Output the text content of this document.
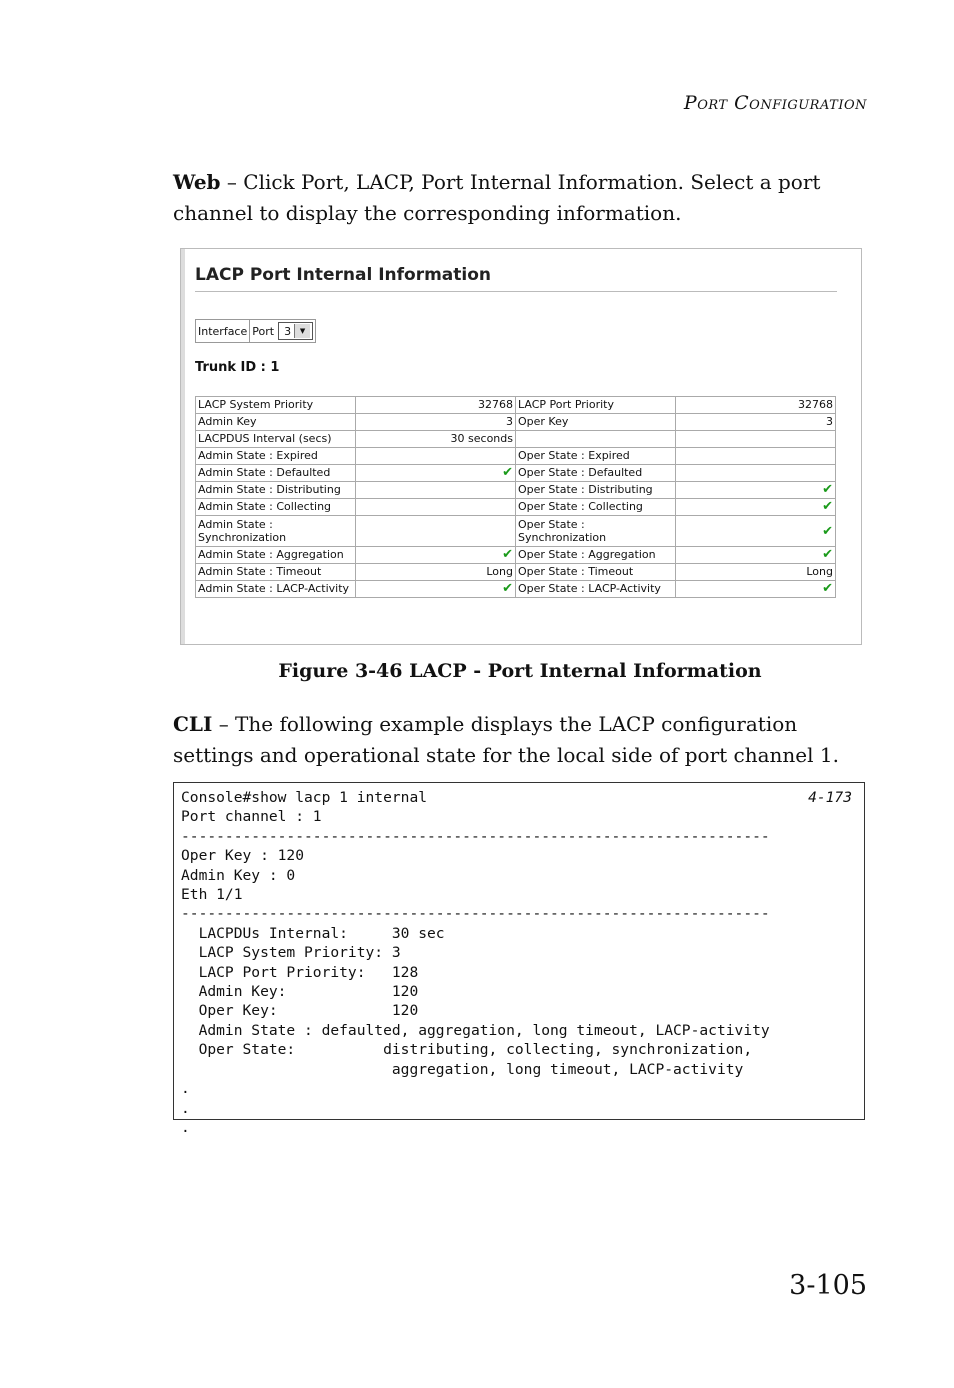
Port Configuration

Web – Click Port, LACP, Port Internal Information. Select a port channel to display the corresponding information.

LACP Port Internal Information
Interface Port 3	▼
Trunk ID : 1
LACP System Priority	32768	LACP Port Priority	32768
Admin Key	3	Oper Key	3
LACPDUS Interval (secs)	30 seconds		
Admin State : Expired		Oper State : Expired	
Admin State : Defaulted	✔	Oper State : Defaulted	
Admin State : Distributing		Oper State : Distributing	✔
Admin State : Collecting		Oper State : Collecting	✔
Admin State : Synchronization		Oper State : Synchronization	✔
Admin State : Aggregation	✔	Oper State : Aggregation	✔
Admin State : Timeout	Long	Oper State : Timeout	Long
Admin State : LACP-Activity	✔	Oper State : LACP-Activity	✔
Figure 3-46 LACP - Port Internal Information

CLI – The following example displays the LACP configuration settings and operational state for the local side of port channel 1.

Console#show lacp 1 internal
Port channel : 1
-------------------------------------------------------------------
Oper Key : 120
Admin Key : 0
Eth 1/1
-------------------------------------------------------------------
LACPDUs Internal:     30 sec
LACP System Priority: 3
LACP Port Priority:   128
Admin Key:            120
Oper Key:             120
Admin State : defaulted, aggregation, long timeout, LACP-activity
Oper State:          distributing, collecting, synchronization,
aggregation, long timeout, LACP-activity
.
.
.
4-173
3-105
